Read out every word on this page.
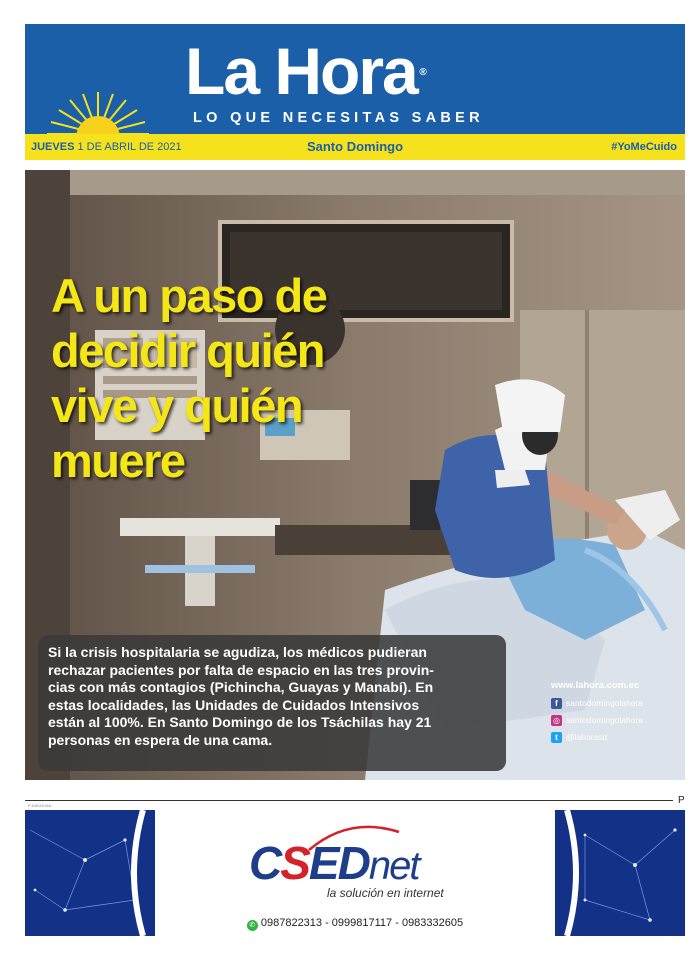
La Hora ®
LO QUE NECESITAS SABER
JUEVES 1 DE ABRIL DE 2021	Santo Domingo	#YoMeCuido
A un paso de
decidir quién
vive y quién
muere
Si la crisis hospitalaria se agudiza, los médicos pudieran
rechazar pacientes por falta de espacio en las tres provin-
cias con más contagios (Pichincha, Guayas y Manabí). En
estas localidades, las Unidades de Cuidados Intensivos
están al 100%. En Santo Domingo de los Tsáchilas hay 21
personas en espera de una cama.
www.lahora.com.ec
f santodomingolahora
◎ santodomingolahora
t @lahorasd
P-D0049-MA	P
CSEDnet
la solución en internet
✆ 0987822313 - 0999817117 - 0983332605
